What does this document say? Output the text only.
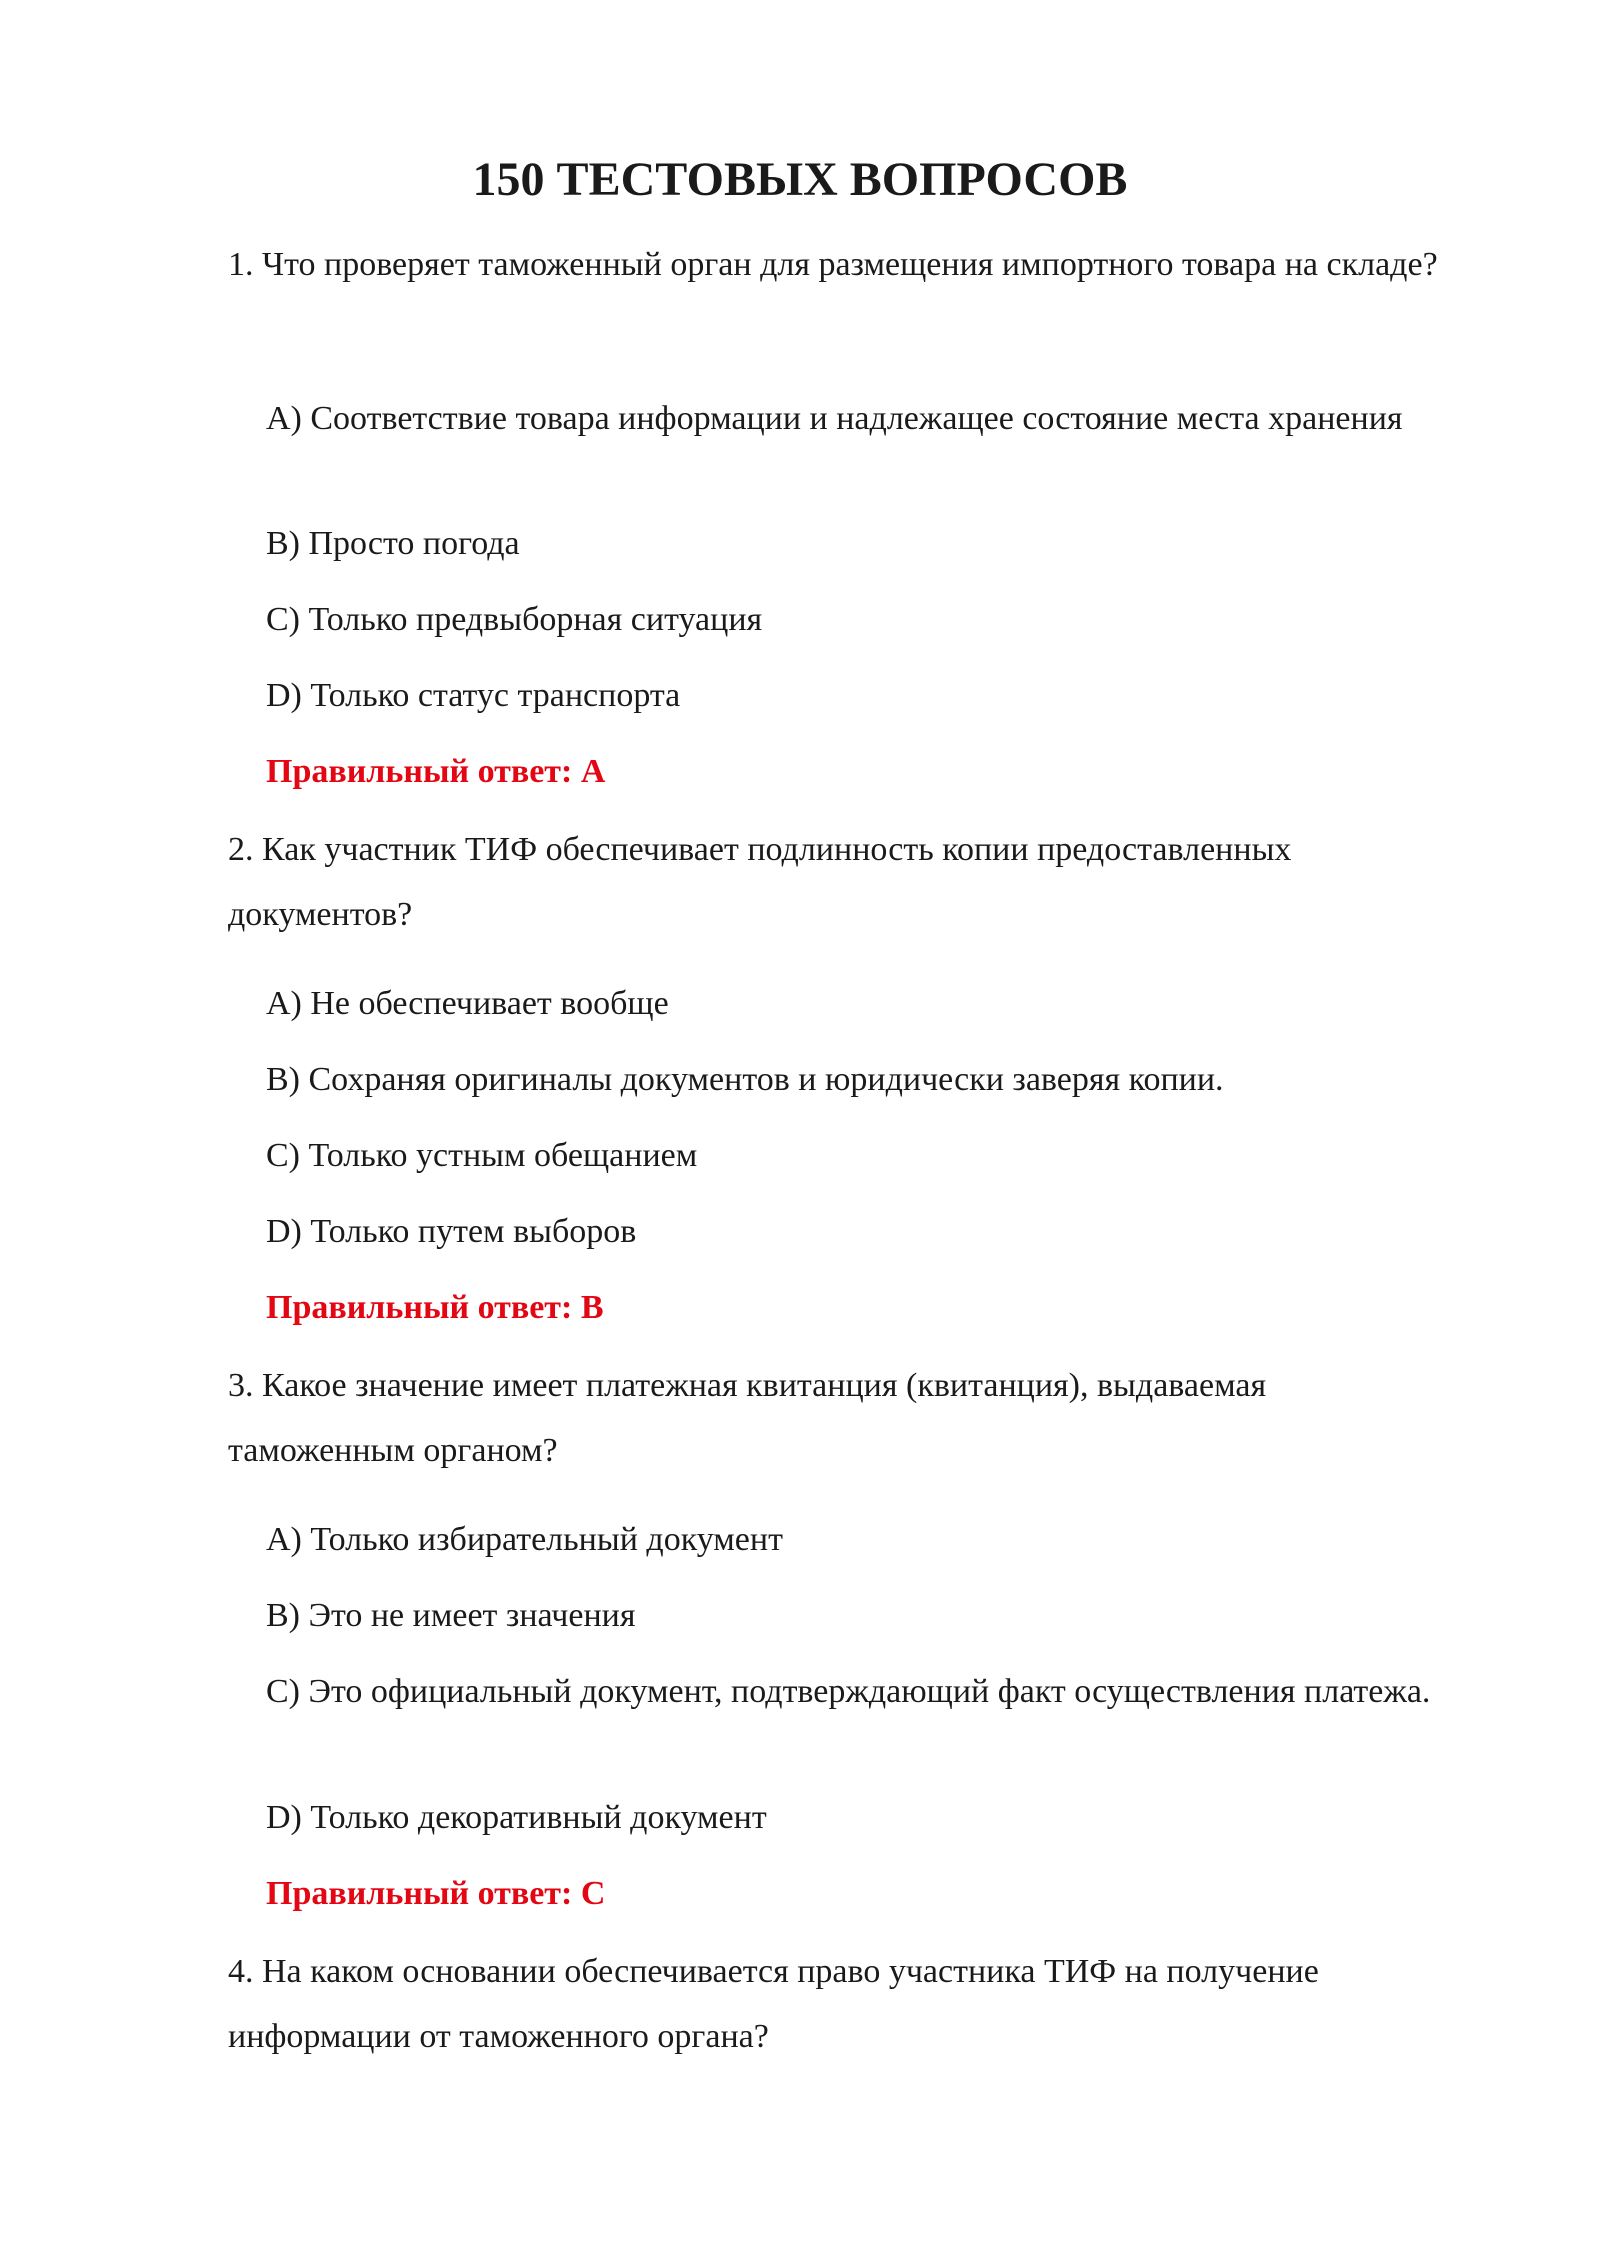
150 ТЕСТОВЫХ ВОПРОСОВ

1. Что проверяет таможенный орган для размещения импортного товара на складе?

A) Соответствие товара информации и надлежащее состояние места хранения

B) Просто погода

C) Только предвыборная ситуация

D) Только статус транспорта

Правильный ответ: A

2. Как участник ТИФ обеспечивает подлинность копии предоставленных документов?

A) Не обеспечивает вообще

B) Сохраняя оригиналы документов и юридически заверяя копии.

C) Только устным обещанием

D) Только путем выборов

Правильный ответ: B

3. Какое значение имеет платежная квитанция (квитанция), выдаваемая таможенным органом?

A) Только избирательный документ

B) Это не имеет значения

C) Это официальный документ, подтверждающий факт осуществления платежа.

D) Только декоративный документ

Правильный ответ: C

4. На каком основании обеспечивается право участника ТИФ на получение информации от таможенного органа?
